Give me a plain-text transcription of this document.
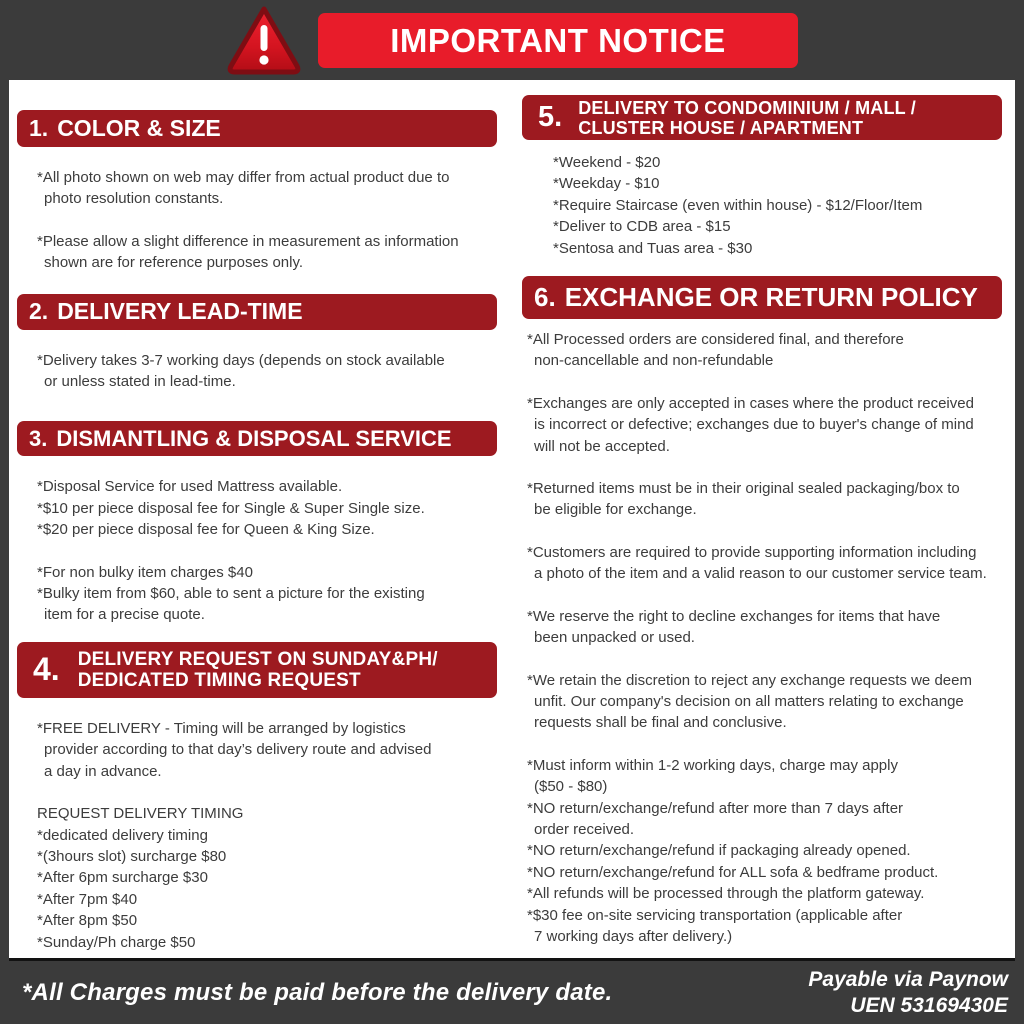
IMPORTANT NOTICE
1. COLOR & SIZE
*All photo shown on web may differ from actual product due to
photo resolution constants.
*Please allow a slight difference in measurement as information
shown are for reference purposes only.
2. DELIVERY LEAD-TIME
*Delivery takes 3-7 working days (depends on stock available
or unless stated in lead-time.
3. DISMANTLING & DISPOSAL SERVICE
*Disposal Service for used Mattress available.
*$10 per piece disposal fee for Single & Super Single size.
*$20 per piece disposal fee for Queen & King Size.
*For non bulky item charges $40
*Bulky item from $60, able to sent a picture for the existing
item for a precise quote.
4. DELIVERY REQUEST ON SUNDAY&PH/
DEDICATED TIMING REQUEST
*FREE DELIVERY - Timing will be arranged by logistics
provider according to that day’s delivery route and advised
a day in advance.
REQUEST DELIVERY TIMING
*dedicated delivery timing
*(3hours slot) surcharge $80
*After 6pm surcharge $30
*After 7pm $40
*After 8pm $50
*Sunday/Ph charge $50
5. DELIVERY TO CONDOMINIUM / MALL /
CLUSTER HOUSE / APARTMENT
*Weekend - $20
*Weekday - $10
*Require Staircase (even within house) - $12/Floor/Item
*Deliver to CDB area - $15
*Sentosa and Tuas area - $30
6. EXCHANGE OR RETURN POLICY
*All Processed orders are considered final, and therefore
non-cancellable and non-refundable
*Exchanges are only accepted in cases where the product received
is incorrect or defective; exchanges due to buyer's change of mind
will not be accepted.
*Returned items must be in their original sealed packaging/box to
be eligible for exchange.
*Customers are required to provide supporting information including
a photo of the item and a valid reason to our customer service team.
*We reserve the right to decline exchanges for items that have
been unpacked or used.
*We retain the discretion to reject any exchange requests we deem
unfit. Our company's decision on all matters relating to exchange
requests shall be final and conclusive.
*Must inform within 1-2 working days, charge may apply
($50 - $80)
*NO return/exchange/refund after more than 7 days after
order received.
*NO return/exchange/refund if packaging already opened.
*NO return/exchange/refund for ALL sofa & bedframe product.
*All refunds will be processed through the platform gateway.
*$30 fee on-site servicing transportation (applicable after
7 working days after delivery.)
*All Charges must be paid before the delivery date.	Payable via Paynow
UEN 53169430E
